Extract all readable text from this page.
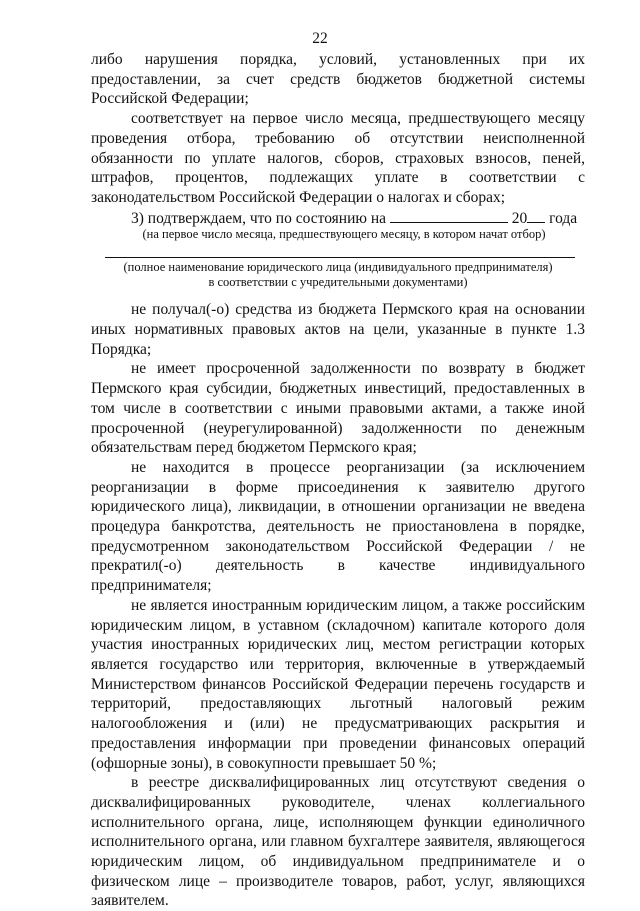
22

либо нарушения порядка, условий, установленных при их предоставлении, за счет средств бюджетов бюджетной системы Российской Федерации;

соответствует на первое число месяца, предшествующего месяцу проведения отбора, требованию об отсутствии неисполненной обязанности по уплате налогов, сборов, страховых взносов, пеней, штрафов, процентов, подлежащих уплате в соответствии с законодательством Российской Федерации о налогах и сборах;

3) подтверждаем, что по состоянию на	20 года

(на первое число месяца, предшествующего месяцу, в котором начат отбор)

(полное наименование юридического лица (индивидуального предпринимателя)

в соответствии с учредительными документами)

не получал(-о) средства из бюджета Пермского края на основании иных нормативных правовых актов на цели, указанные в пункте 1.3 Порядка;

не имеет просроченной задолженности по возврату в бюджет Пермского края субсидии, бюджетных инвестиций, предоставленных в том числе в соответствии с иными правовыми актами, а также иной просроченной (неурегулированной) задолженности по денежным обязательствам перед бюджетом Пермского края;

не находится в процессе реорганизации (за исключением реорганизации в форме присоединения к заявителю другого юридического лица), ликвидации, в отношении организации не введена процедура банкротства, деятельность не приостановлена в порядке, предусмотренном законодательством Российской Федерации / не прекратил(-о) деятельность в качестве индивидуального предпринимателя;

не является иностранным юридическим лицом, а также российским юридическим лицом, в уставном (складочном) капитале которого доля участия иностранных юридических лиц, местом регистрации которых является государство или территория, включенные в утверждаемый Министерством финансов Российской Федерации перечень государств и территорий, предоставляющих льготный налоговый режим налогообложения и (или) не предусматривающих раскрытия и предоставления информации при проведении финансовых операций (офшорные зоны), в совокупности превышает 50 %;

в реестре дисквалифицированных лиц отсутствуют сведения о дисквалифицированных руководителе, членах коллегиального исполнительного органа, лице, исполняющем функции единоличного исполнительного органа, или главном бухгалтере заявителя, являющегося юридическим лицом, об индивидуальном предпринимателе и о физическом лице – производителе товаров, работ, услуг, являющихся заявителем.
